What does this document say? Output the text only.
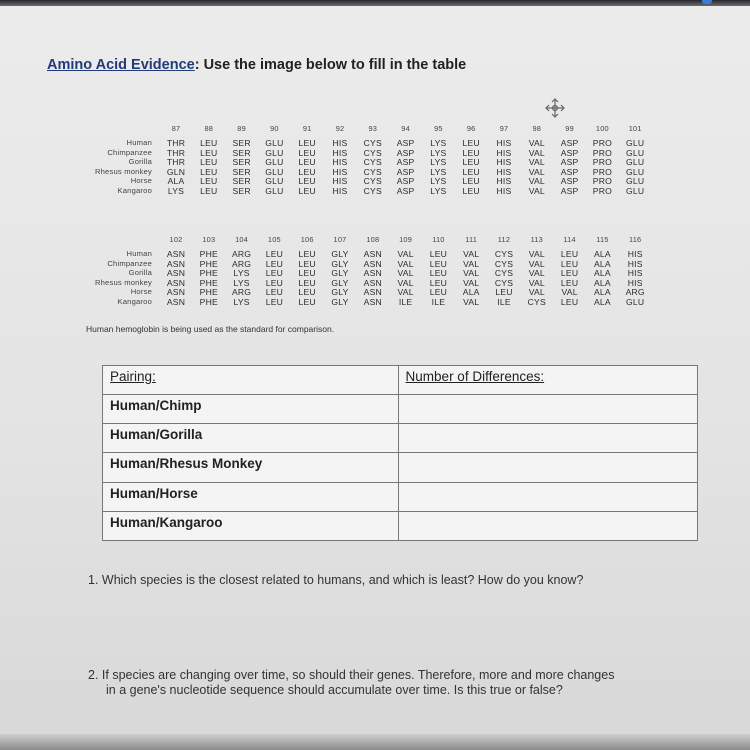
Amino Acid Evidence: Use the image below to fill in the table
87	88	89	90	91	92	93	94	95	96	97	98	99	100	101
Human	THR	LEU	SER	GLU	LEU	HIS	CYS	ASP	LYS	LEU	HIS	VAL	ASP	PRO	GLU
Chimpanzee	THR	LEU	SER	GLU	LEU	HIS	CYS	ASP	LYS	LEU	HIS	VAL	ASP	PRO	GLU
Gorilla	THR	LEU	SER	GLU	LEU	HIS	CYS	ASP	LYS	LEU	HIS	VAL	ASP	PRO	GLU
Rhesus monkey	GLN	LEU	SER	GLU	LEU	HIS	CYS	ASP	LYS	LEU	HIS	VAL	ASP	PRO	GLU
Horse	ALA	LEU	SER	GLU	LEU	HIS	CYS	ASP	LYS	LEU	HIS	VAL	ASP	PRO	GLU
Kangaroo	LYS	LEU	SER	GLU	LEU	HIS	CYS	ASP	LYS	LEU	HIS	VAL	ASP	PRO	GLU
102	103	104	105	106	107	108	109	110	111	112	113	114	115	116
Human	ASN	PHE	ARG	LEU	LEU	GLY	ASN	VAL	LEU	VAL	CYS	VAL	LEU	ALA	HIS
Chimpanzee	ASN	PHE	ARG	LEU	LEU	GLY	ASN	VAL	LEU	VAL	CYS	VAL	LEU	ALA	HIS
Gorilla	ASN	PHE	LYS	LEU	LEU	GLY	ASN	VAL	LEU	VAL	CYS	VAL	LEU	ALA	HIS
Rhesus monkey	ASN	PHE	LYS	LEU	LEU	GLY	ASN	VAL	LEU	VAL	CYS	VAL	LEU	ALA	HIS
Horse	ASN	PHE	ARG	LEU	LEU	GLY	ASN	VAL	LEU	ALA	LEU	VAL	VAL	ALA	ARG
Kangaroo	ASN	PHE	LYS	LEU	LEU	GLY	ASN	ILE	ILE	VAL	ILE	CYS	LEU	ALA	GLU
Human hemoglobin is being used as the standard for comparison.
Pairing:	Number of Differences:
Human/Chimp	
Human/Gorilla	
Human/Rhesus Monkey	
Human/Horse	
Human/Kangaroo	
1. Which species is the closest related to humans, and which is least? How do you know?
2. If species are changing over time, so should their genes. Therefore, more and more changes
in a gene's nucleotide sequence should accumulate over time. Is this true or false?
